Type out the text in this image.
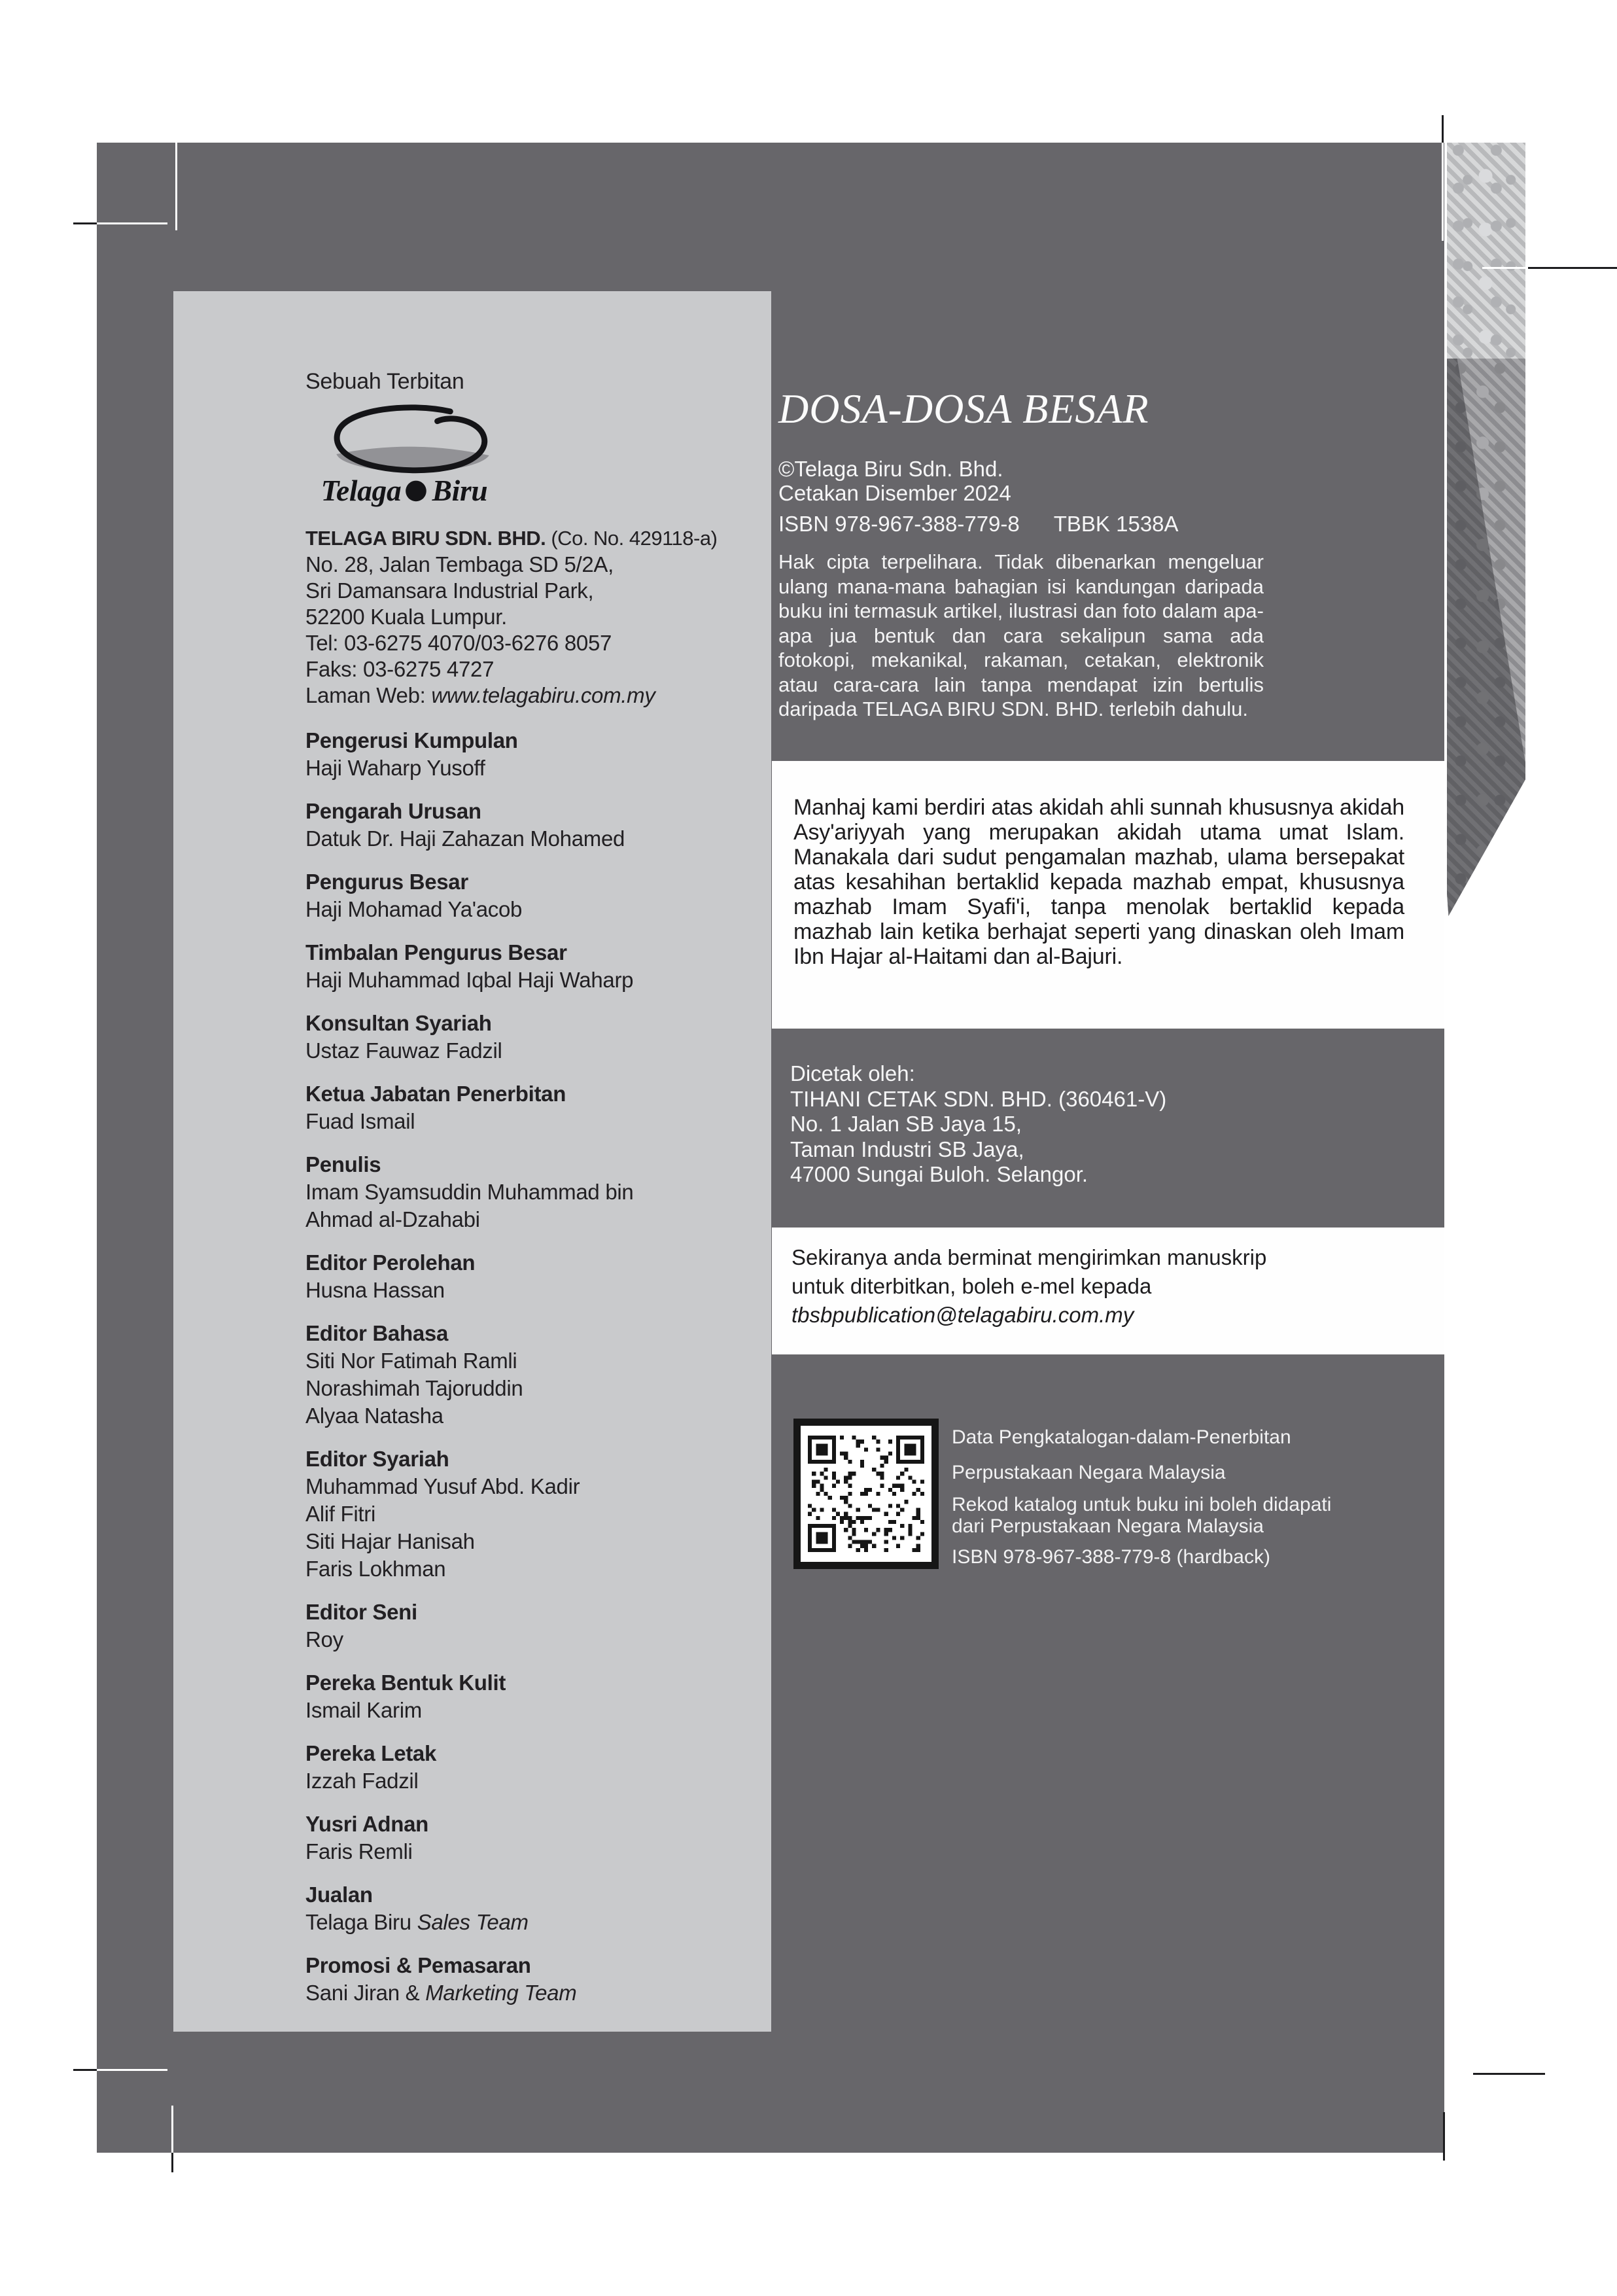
DOSA-DOSA BESAR
©Telaga Biru Sdn. Bhd.
Cetakan Disember 2024
ISBN 978-967-388-779-8 TBBK 1538A
Hak cipta terpelihara. Tidak dibenarkan mengeluar ulang mana-mana bahagian isi kandungan daripada buku ini termasuk artikel, ilustrasi dan foto dalam apa-apa jua bentuk dan cara sekalipun sama ada fotokopi, mekanikal, rakaman, cetakan, elektronik atau cara-cara lain tanpa mendapat izin bertulis daripada TELAGA BIRU SDN. BHD. terlebih dahulu.
Manhaj kami berdiri atas akidah ahli sunnah khususnya akidah Asy'ariyyah yang merupakan akidah utama umat Islam. Manakala dari sudut pengamalan mazhab, ulama bersepakat atas kesahihan bertaklid kepada mazhab empat, khususnya mazhab Imam Syafi'i, tanpa menolak bertaklid kepada mazhab lain ketika berhajat seperti yang dinaskan oleh Imam Ibn Hajar al-Haitami dan al-Bajuri.
Dicetak oleh:
TIHANI CETAK SDN. BHD. (360461-V)
No. 1 Jalan SB Jaya 15,
Taman Industri SB Jaya,
47000 Sungai Buloh. Selangor.
Sekiranya anda berminat mengirimkan manuskrip
untuk diterbitkan, boleh e-mel kepada
tbsbpublication@telagabiru.com.my
Data Pengkatalogan-dalam-Penerbitan
Perpustakaan Negara Malaysia
Rekod katalog untuk buku ini boleh didapati
dari Perpustakaan Negara Malaysia
ISBN 978-967-388-779-8 (hardback)
Sebuah Terbitan
Telaga Biru
TELAGA BIRU SDN. BHD. (Co. No. 429118-a)
No. 28, Jalan Tembaga SD 5/2A,
Sri Damansara Industrial Park,
52200 Kuala Lumpur.
Tel: 03-6275 4070/03-6276 8057
Faks: 03-6275 4727
Laman Web: www.telagabiru.com.my
Pengerusi Kumpulan
Haji Waharp Yusoff
Pengarah Urusan
Datuk Dr. Haji Zahazan Mohamed
Pengurus Besar
Haji Mohamad Ya'acob
Timbalan Pengurus Besar
Haji Muhammad Iqbal Haji Waharp
Konsultan Syariah
Ustaz Fauwaz Fadzil
Ketua Jabatan Penerbitan
Fuad Ismail
Penulis
Imam Syamsuddin Muhammad bin
Ahmad al-Dzahabi
Editor Perolehan
Husna Hassan
Editor Bahasa
Siti Nor Fatimah Ramli
Norashimah Tajoruddin
Alyaa Natasha
Editor Syariah
Muhammad Yusuf Abd. Kadir
Alif Fitri
Siti Hajar Hanisah
Faris Lokhman
Editor Seni
Roy
Pereka Bentuk Kulit
Ismail Karim
Pereka Letak
Izzah Fadzil
Yusri Adnan
Faris Remli
Jualan
Telaga Biru Sales Team
Promosi & Pemasaran
Sani Jiran & Marketing Team
